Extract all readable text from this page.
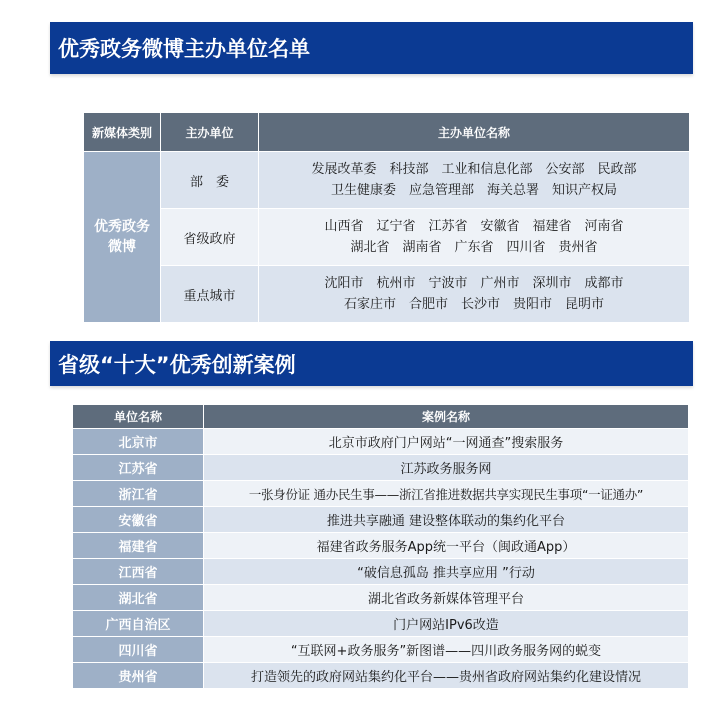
优秀政务微博主办单位名单
新媒体类别	主办单位	主办单位名称

优秀政务微博	部　委	发展改革委　科技部　工业和信息化部　公安部　民政部
卫生健康委　应急管理部　海关总署　知识产权局

	省级政府	山西省　辽宁省　江苏省　安徽省　福建省　河南省
湖北省　湖南省　广东省　四川省　贵州省

	重点城市	沈阳市　杭州市　宁波市　广州市　深圳市　成都市
石家庄市　合肥市　长沙市　贵阳市　昆明市
省级“十大”优秀创新案例
单位名称	案例名称
北京市	北京市政府门户网站“一网通查”搜索服务
江苏省	江苏政务服务网
浙江省	一张身份证 通办民生事——浙江省推进数据共享实现民生事项“一证通办”
安徽省	推进共享融通 建设整体联动的集约化平台
福建省	福建省政务服务App统一平台（闽政通App）
江西省	“破信息孤岛 推共享应用 ”行动
湖北省	湖北省政务新媒体管理平台
广西自治区	门户网站IPv6改造
四川省	“互联网+政务服务”新图谱——四川政务服务网的蜕变
贵州省	打造领先的政府网站集约化平台——贵州省政府网站集约化建设情况
